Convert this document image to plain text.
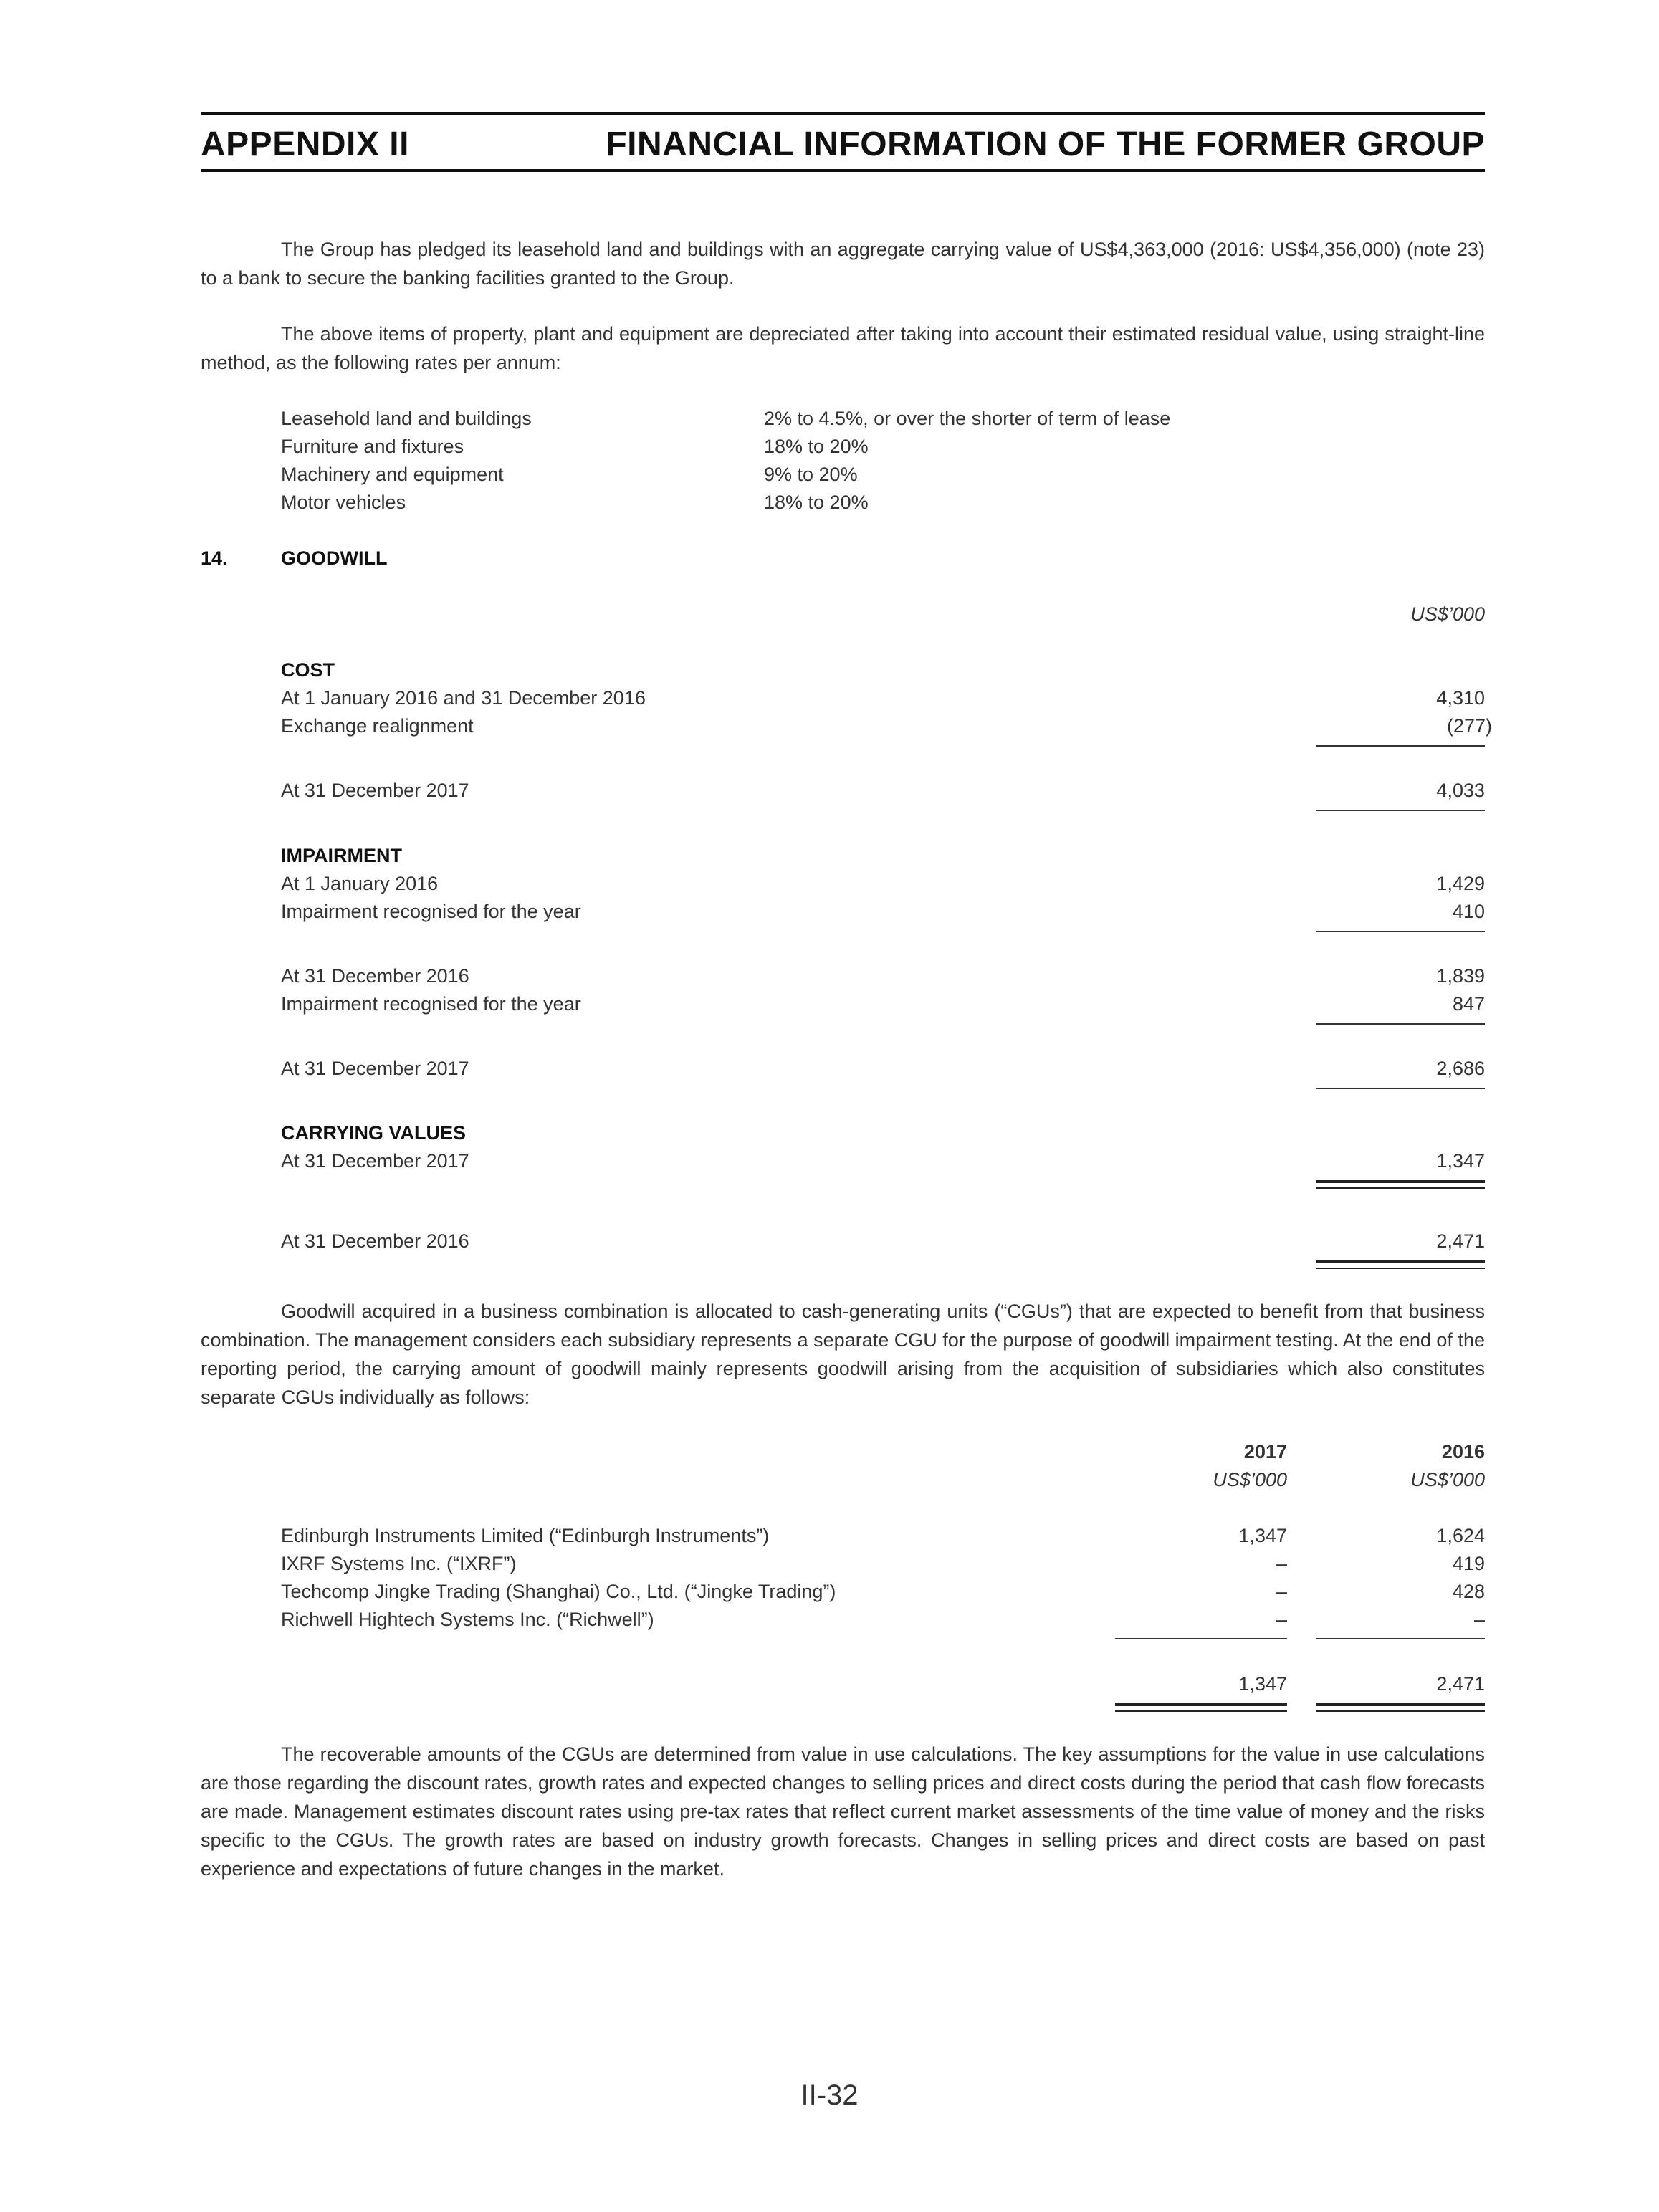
APPENDIX II	FINANCIAL INFORMATION OF THE FORMER GROUP
The Group has pledged its leasehold land and buildings with an aggregate carrying value of US$4,363,000 (2016: US$4,356,000) (note 23) to a bank to secure the banking facilities granted to the Group.
The above items of property, plant and equipment are depreciated after taking into account their estimated residual value, using straight-line method, as the following rates per annum:
Leasehold land and buildings	2% to 4.5%, or over the shorter of term of lease
Furniture and fixtures	18% to 20%
Machinery and equipment	9% to 20%
Motor vehicles	18% to 20%
14.	GOODWILL
US$’000
COST
At 1 January 2016 and 31 December 2016	4,310
Exchange realignment	(277)
At 31 December 2017	4,033
IMPAIRMENT
At 1 January 2016	1,429
Impairment recognised for the year	410
At 31 December 2016	1,839
Impairment recognised for the year	847
At 31 December 2017	2,686
CARRYING VALUES
At 31 December 2017	1,347
At 31 December 2016	2,471
Goodwill acquired in a business combination is allocated to cash-generating units (“CGUs”) that are expected to benefit from that business combination. The management considers each subsidiary represents a separate CGU for the purpose of goodwill impairment testing. At the end of the reporting period, the carrying amount of goodwill mainly represents goodwill arising from the acquisition of subsidiaries which also constitutes separate CGUs individually as follows:
2017	2016
US$’000	US$’000
Edinburgh Instruments Limited (“Edinburgh Instruments”)	1,347	1,624
IXRF Systems Inc. (“IXRF”)	–	419
Techcomp Jingke Trading (Shanghai) Co., Ltd. (“Jingke Trading”)	–	428
Richwell Hightech Systems Inc. (“Richwell”)	–	–
1,347	2,471
The recoverable amounts of the CGUs are determined from value in use calculations. The key assumptions for the value in use calculations are those regarding the discount rates, growth rates and expected changes to selling prices and direct costs during the period that cash flow forecasts are made. Management estimates discount rates using pre-tax rates that reflect current market assessments of the time value of money and the risks specific to the CGUs. The growth rates are based on industry growth forecasts. Changes in selling prices and direct costs are based on past experience and expectations of future changes in the market.
II-32
